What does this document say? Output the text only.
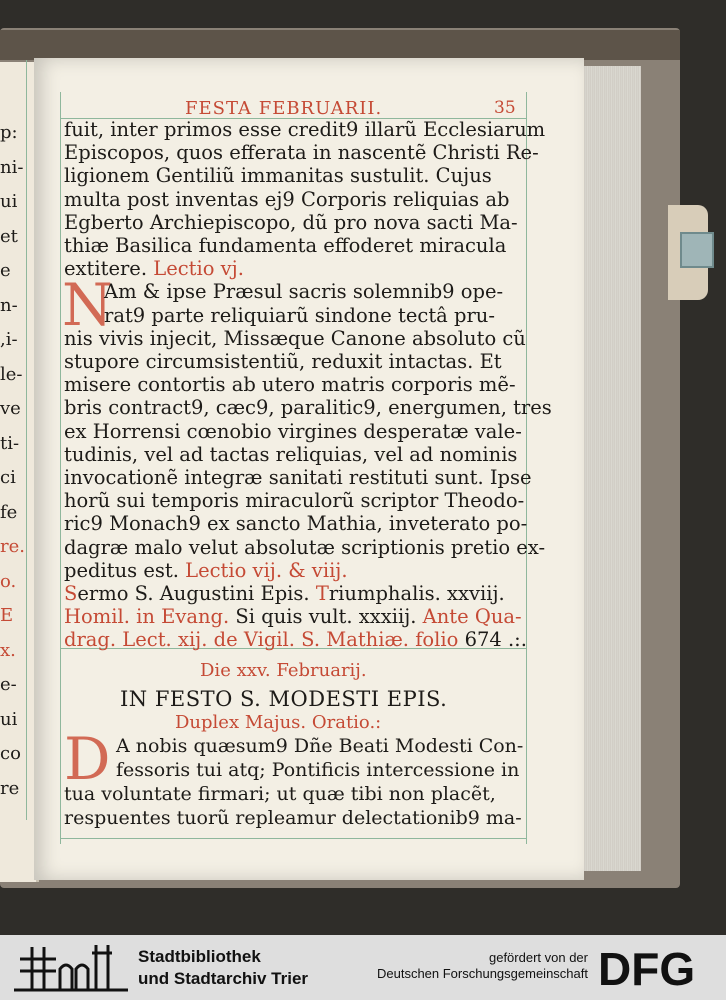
p:
ni-
ui
et
e
n-
,i-
le-
ve
ti-
ci
fe
re.
o.
E
x.
e-
ui
co
re
FESTA FEBRUARII.	35
N
fuit, inter primos esse credit9 illarũ Ecclesiarum
Episcopos, quos efferata in nascentẽ Christi Re-
ligionem Gentiliũ immanitas sustulit. Cujus
multa post inventas ej9 Corporis reliquias ab
Egberto Archiepiscopo, dũ pro nova sacti Ma-
thiæ Basilica fundamenta effoderet miracula
extitere. Lectio vj.
Am & ipse Præsul sacris solemnib9 ope-
rat9 parte reliquiarũ sindone tectâ pru-
nis vivis injecit, Missæque Canone absoluto cũ
stupore circumsistentiũ, reduxit intactas. Et
misere contortis ab utero matris corporis mẽ-
bris contract9, cæc9, paralitic9, energumen, tres
ex Horrensi cœnobio virgines desperatæ vale-
tudinis, vel ad tactas reliquias, vel ad nominis
invocationẽ integræ sanitati restituti sunt. Ipse
horũ sui temporis miraculorũ scriptor Theodo-
ric9 Monach9 ex sancto Mathia, inveterato po-
dagræ malo velut absolutæ scriptionis pretio ex-
peditus est. Lectio vij. & viij.
Sermo S. Augustini Epis. Triumphalis. xxviij.
Homil. in Evang. Si quis vult. xxxiij. Ante Qua-
drag. Lect. xij. de Vigil. S. Mathiæ. folio 674 .:.
Die xxv. Februarij.
IN FESTO S. MODESTI EPIS.
Duplex Majus. Oratio.:
D A nobis quæsum9 Dñe Beati Modesti Con-
fessoris tui atq; Pontificis intercessione in
tua voluntate firmari; ut quæ tibi non placẽt,
respuentes tuorũ repleamur delectationib9 ma-
Stadtbibliothek
und Stadtarchiv Trier
gefördert von der
Deutschen Forschungsgemeinschaft DFG
